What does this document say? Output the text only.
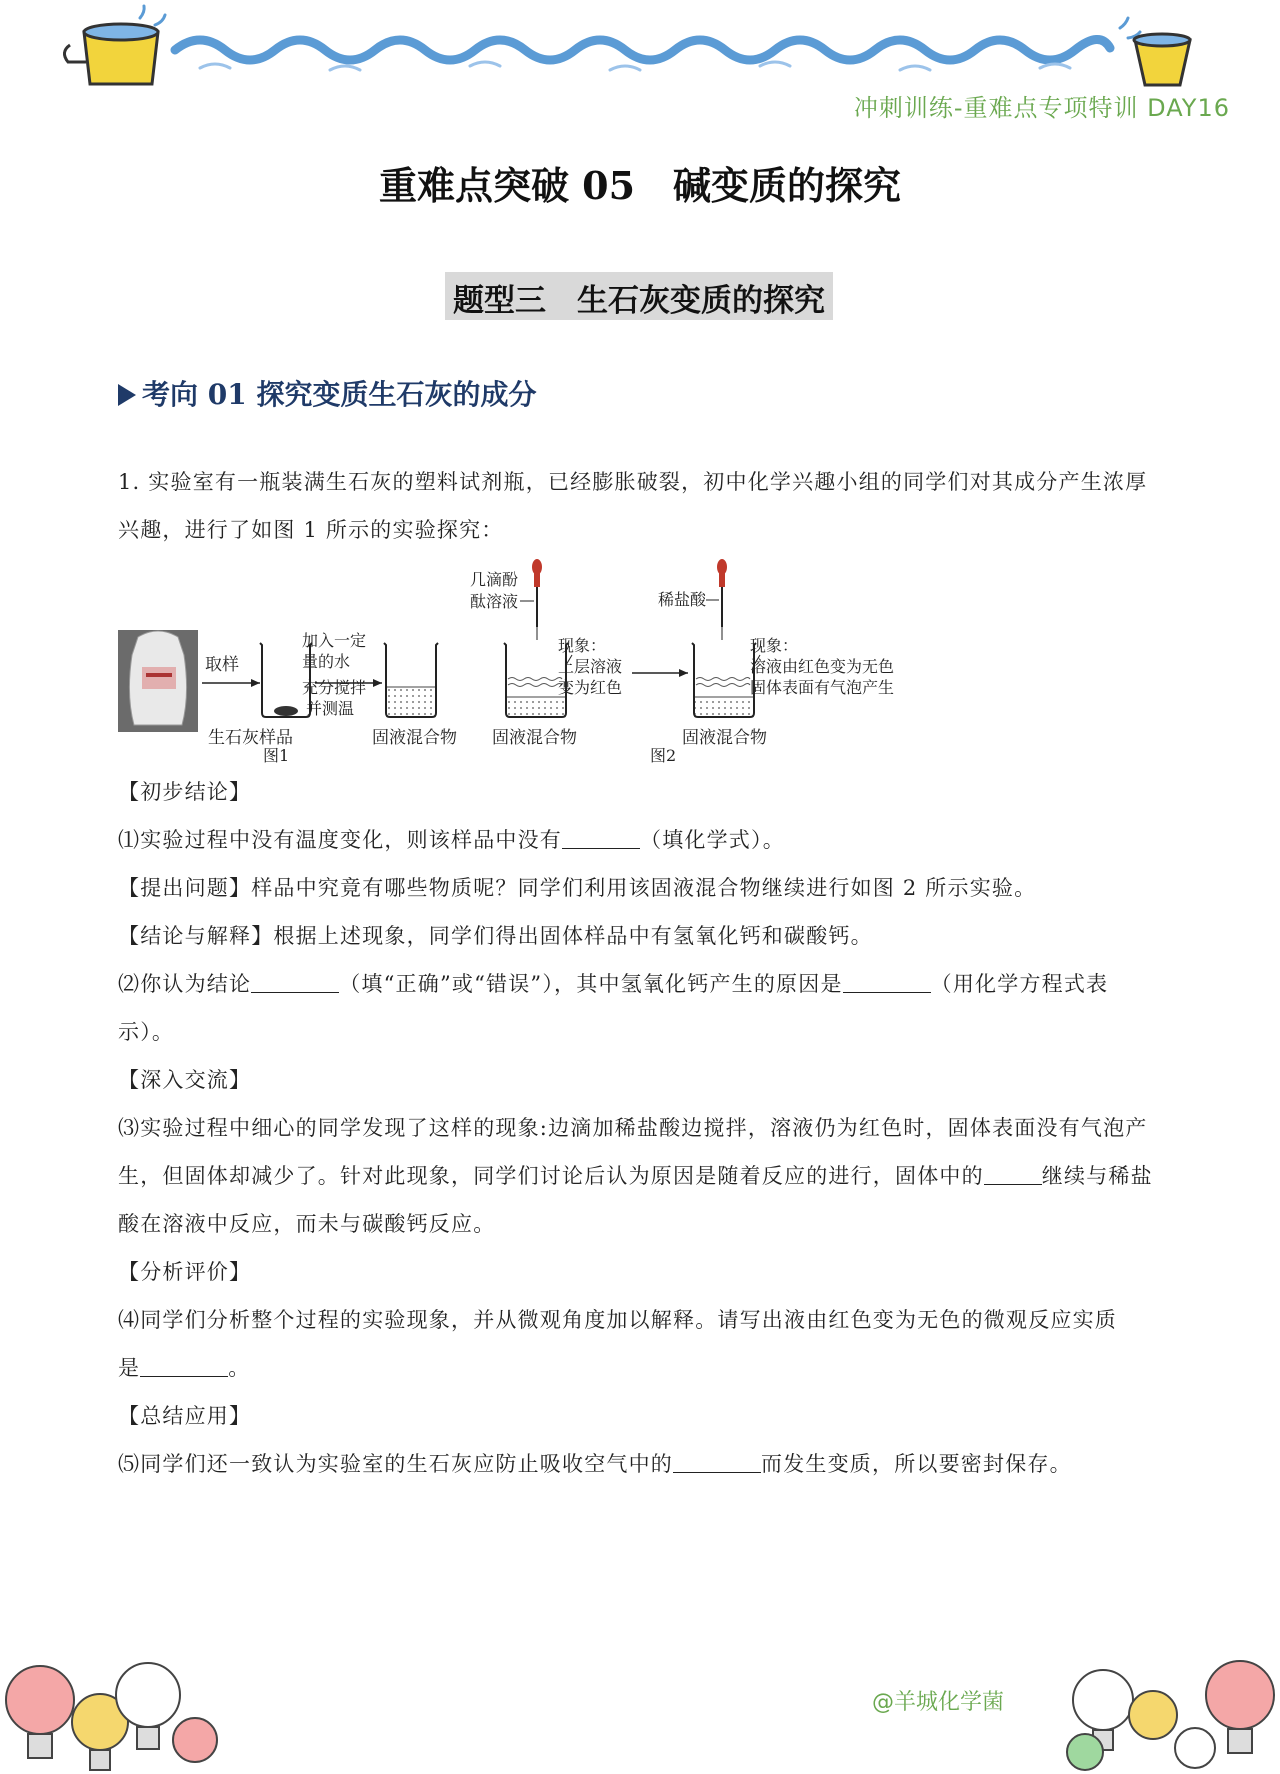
冲刺训练-重难点专项特训 DAY16
重难点突破 05　碱变质的探究
题型三　生石灰变质的探究
考向 01 探究变质生石灰的成分
1. 实验室有一瓶装满生石灰的塑料试剂瓶，已经膨胀破裂，初中化学兴趣小组的同学们对其成分产生浓厚
兴趣，进行了如图 1 所示的实验探究：
取样
生石灰样品
图1
加入一定
量的水
充分搅拌
并测温
固液混合物
几滴酚
酞溶液
现象：
上层溶液
变为红色
固液混合物
稀盐酸
现象：
溶液由红色变为无色
固体表面有气泡产生
固液混合物
图2
【初步结论】
⑴实验过程中没有温度变化，则该样品中没有	（填化学式）。
【提出问题】样品中究竟有哪些物质呢？同学们利用该固液混合物继续进行如图 2 所示实验。
【结论与解释】根据上述现象，同学们得出固体样品中有氢氧化钙和碳酸钙。
⑵你认为结论	（填“正确”或“错误”），其中氢氧化钙产生的原因是	（用化学方程式表
示）。
【深入交流】
⑶实验过程中细心的同学发现了这样的现象:边滴加稀盐酸边搅拌，溶液仍为红色时，固体表面没有气泡产
生，但固体却减少了。针对此现象，同学们讨论后认为原因是随着反应的进行，固体中的	继续与稀盐
酸在溶液中反应，而未与碳酸钙反应。
【分析评价】
⑷同学们分析整个过程的实验现象，并从微观角度加以解释。请写出液由红色变为无色的微观反应实质
是	。
【总结应用】
⑸同学们还一致认为实验室的生石灰应防止吸收空气中的	而发生变质，所以要密封保存。
@羊城化学菌
